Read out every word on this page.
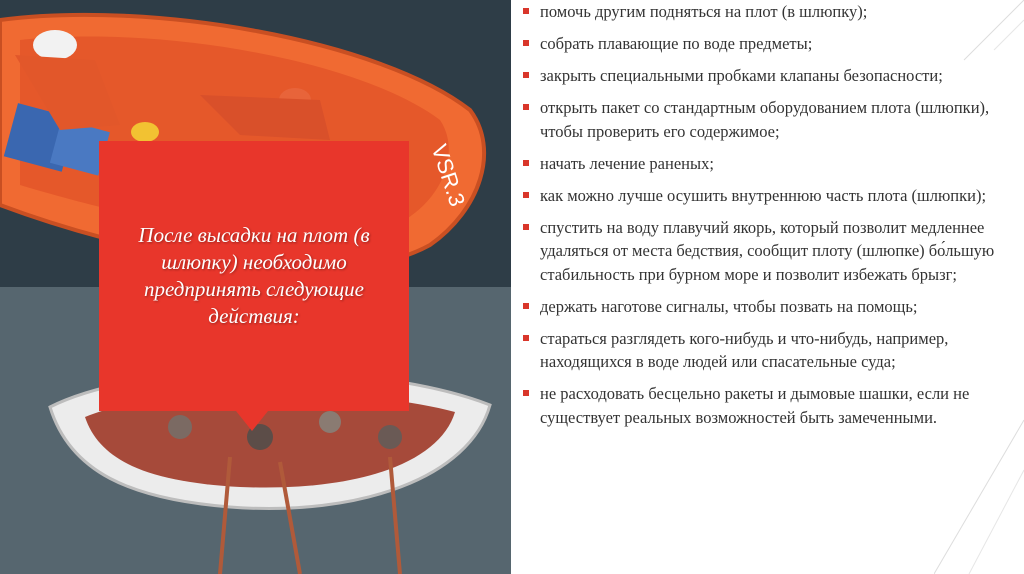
VSR.3
После высадки на плот (в шлюпку) необходимо предпринять следующие действия:
помочь другим подняться на плот (в шлюпку);
собрать плавающие по воде предметы;
закрыть специальными пробками клапаны безопасности;
открыть пакет со стандартным оборудованием плота (шлюпки), чтобы проверить его содержимое;
начать лечение раненых;
как можно лучше осушить внутреннюю часть плота (шлюпки);
спустить на воду плавучий якорь, который позволит медленнее удаляться от места бедствия, сообщит плоту (шлюпке) бо́льшую стабильность при бурном море и позволит избежать брызг;
держать наготове сигналы, чтобы позвать на помощь;
стараться разглядеть кого-нибудь и что-нибудь, например, находящихся в воде людей или спасательные суда;
не расходовать бесцельно ракеты и дымовые шашки, если не существует реальных возможностей быть замеченными.
